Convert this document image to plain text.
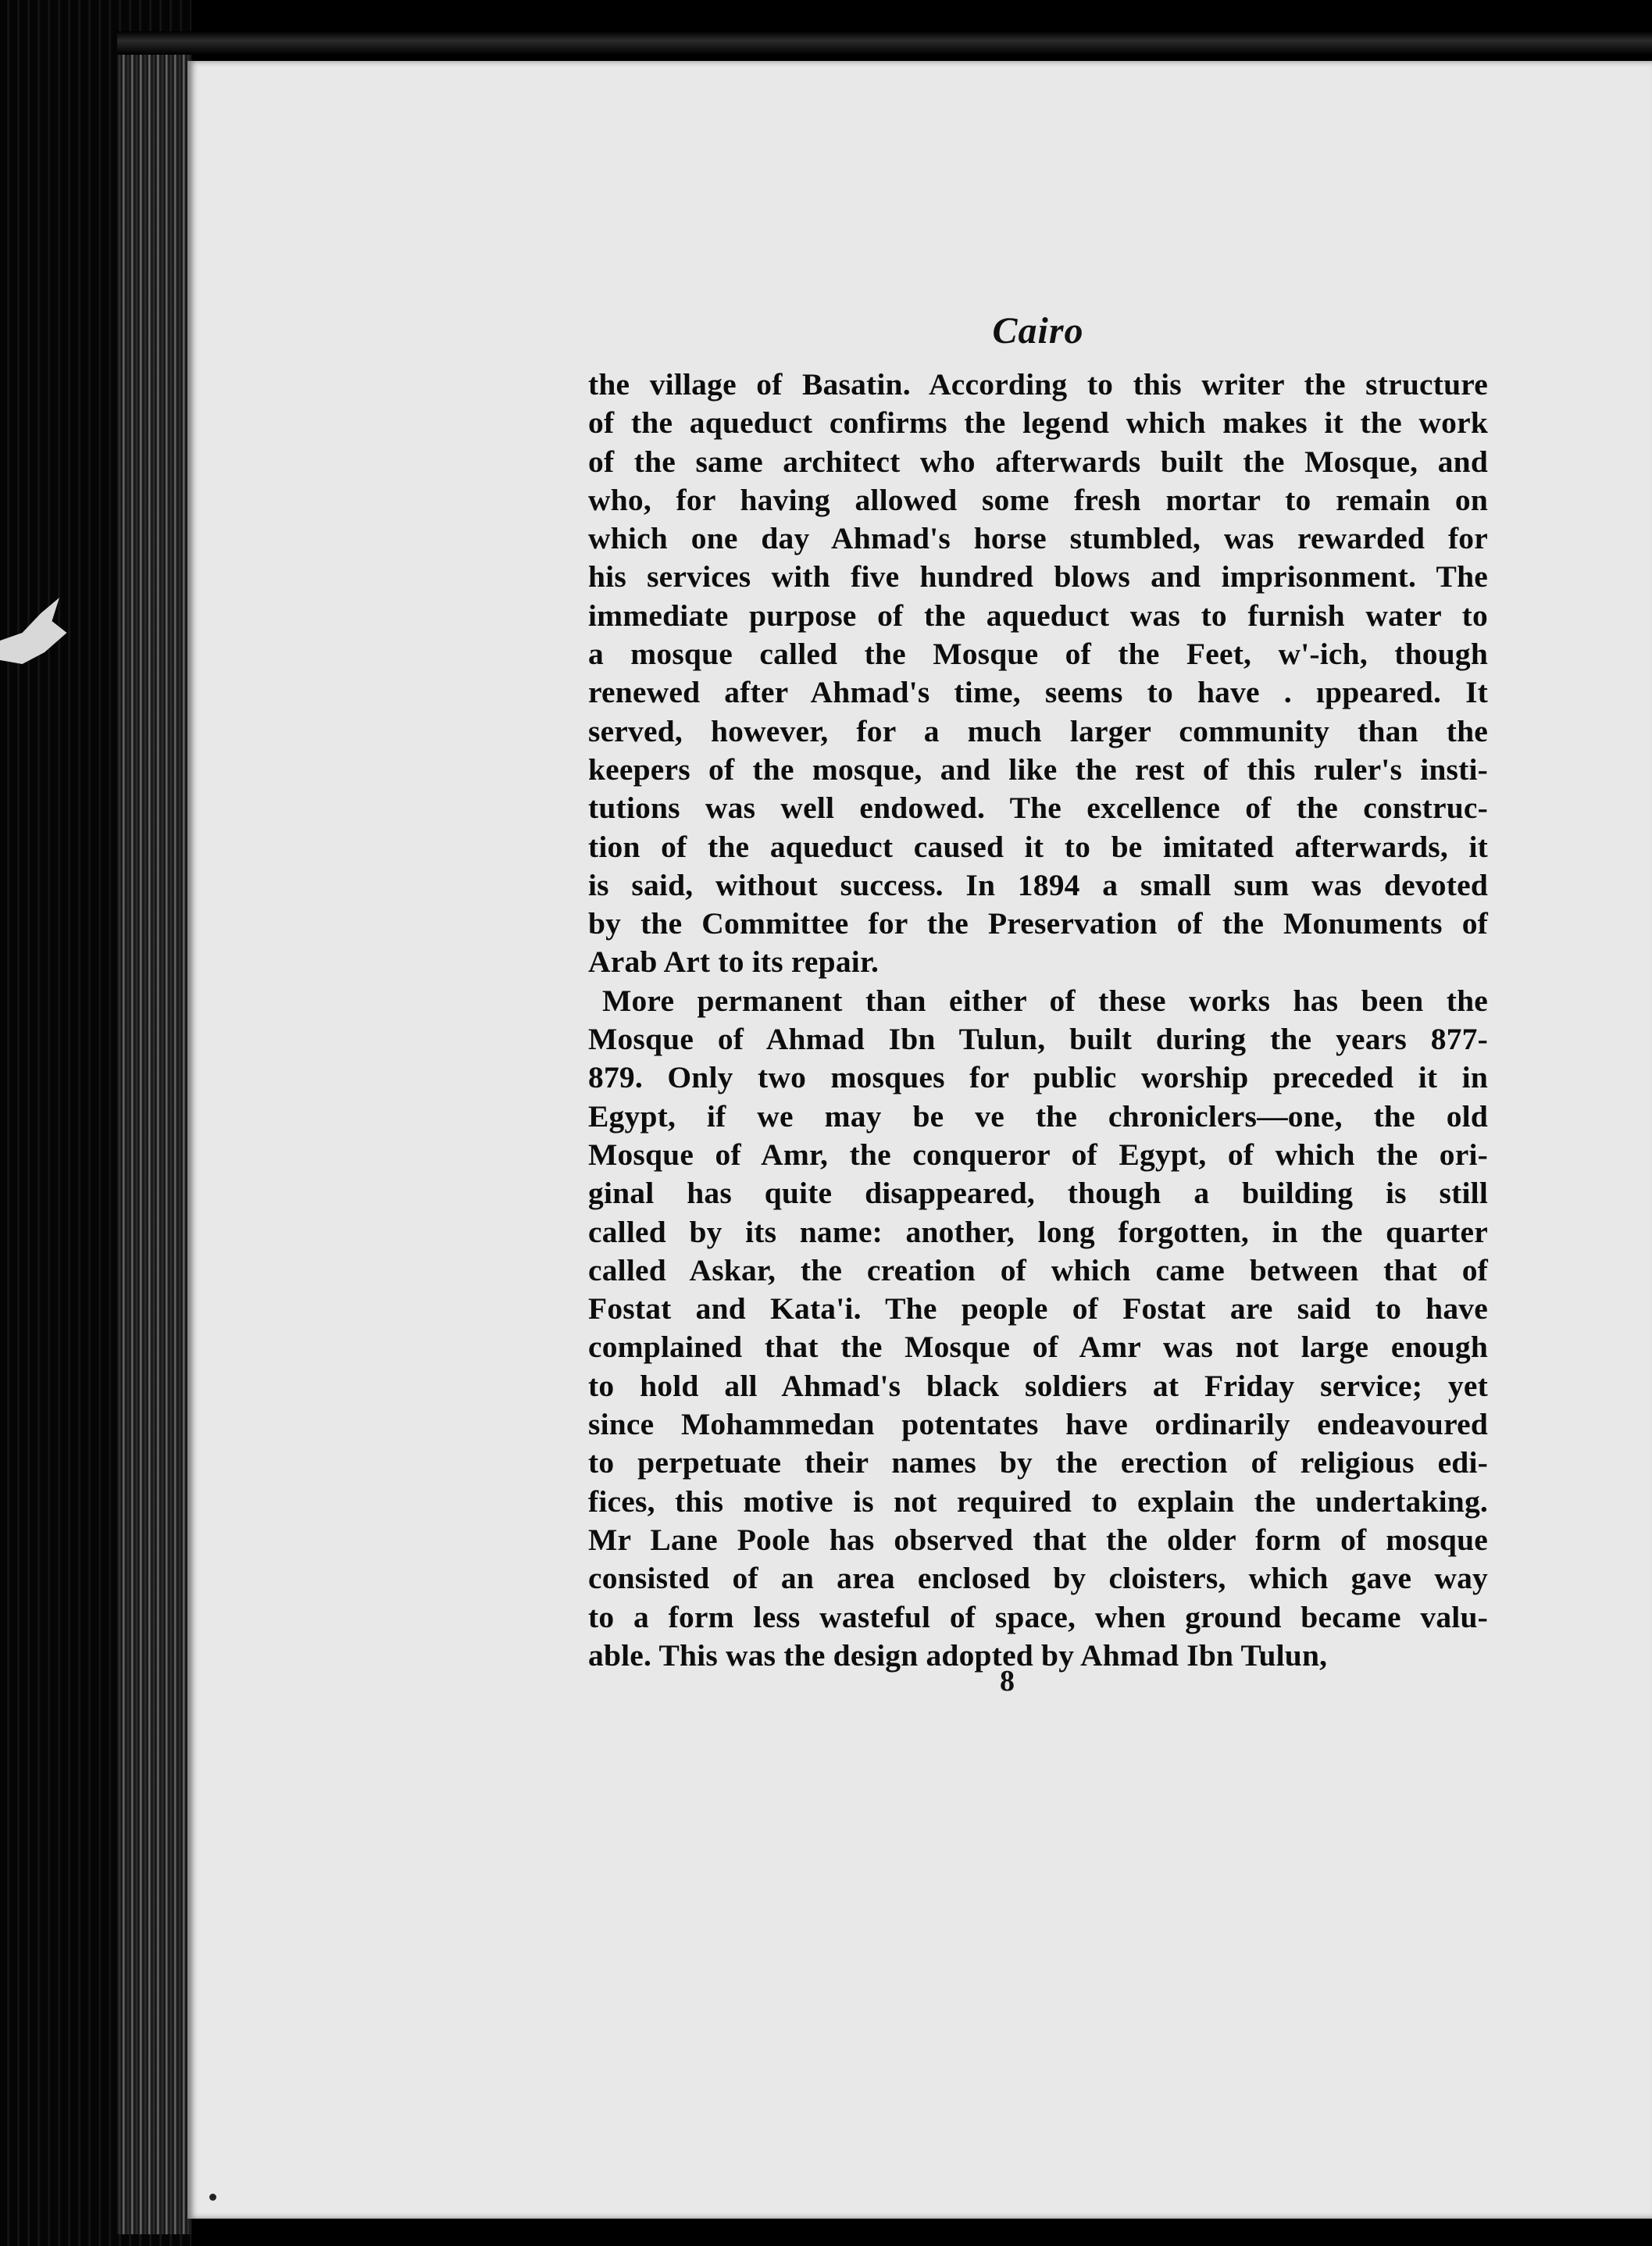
Cairo

the village of Basatin. According to this writer the structure
of the aqueduct confirms the legend which makes it the work
of the same architect who afterwards built the Mosque, and
who, for having allowed some fresh mortar to remain on
which one day Ahmad's horse stumbled, was rewarded for
his services with five hundred blows and imprisonment. The
immediate purpose of the aqueduct was to furnish water to
a mosque called the Mosque of the Feet, w'-ich, though
renewed after Ahmad's time, seems to have . ıppeared. It
served, however, for a much larger community than the
keepers of the mosque, and like the rest of this ruler's insti-
tutions was well endowed. The excellence of the construc-
tion of the aqueduct caused it to be imitated afterwards, it
is said, without success. In 1894 a small sum was devoted
by the Committee for the Preservation of the Monuments of
Arab Art to its repair.

More permanent than either of these works has been the
Mosque of Ahmad Ibn Tulun, built during the years 877-
879. Only two mosques for public worship preceded it in
Egypt, if we may be ve the chroniclers—one, the old
Mosque of Amr, the conqueror of Egypt, of which the ori-
ginal has quite disappeared, though a building is still
called by its name: another, long forgotten, in the quarter
called Askar, the creation of which came between that of
Fostat and Kata'i. The people of Fostat are said to have
complained that the Mosque of Amr was not large enough
to hold all Ahmad's black soldiers at Friday service; yet
since Mohammedan potentates have ordinarily endeavoured
to perpetuate their names by the erection of religious edi-
fices, this motive is not required to explain the undertaking.
Mr Lane Poole has observed that the older form of mosque
consisted of an area enclosed by cloisters, which gave way
to a form less wasteful of space, when ground became valu-
able. This was the design adopted by Ahmad Ibn Tulun,

8
